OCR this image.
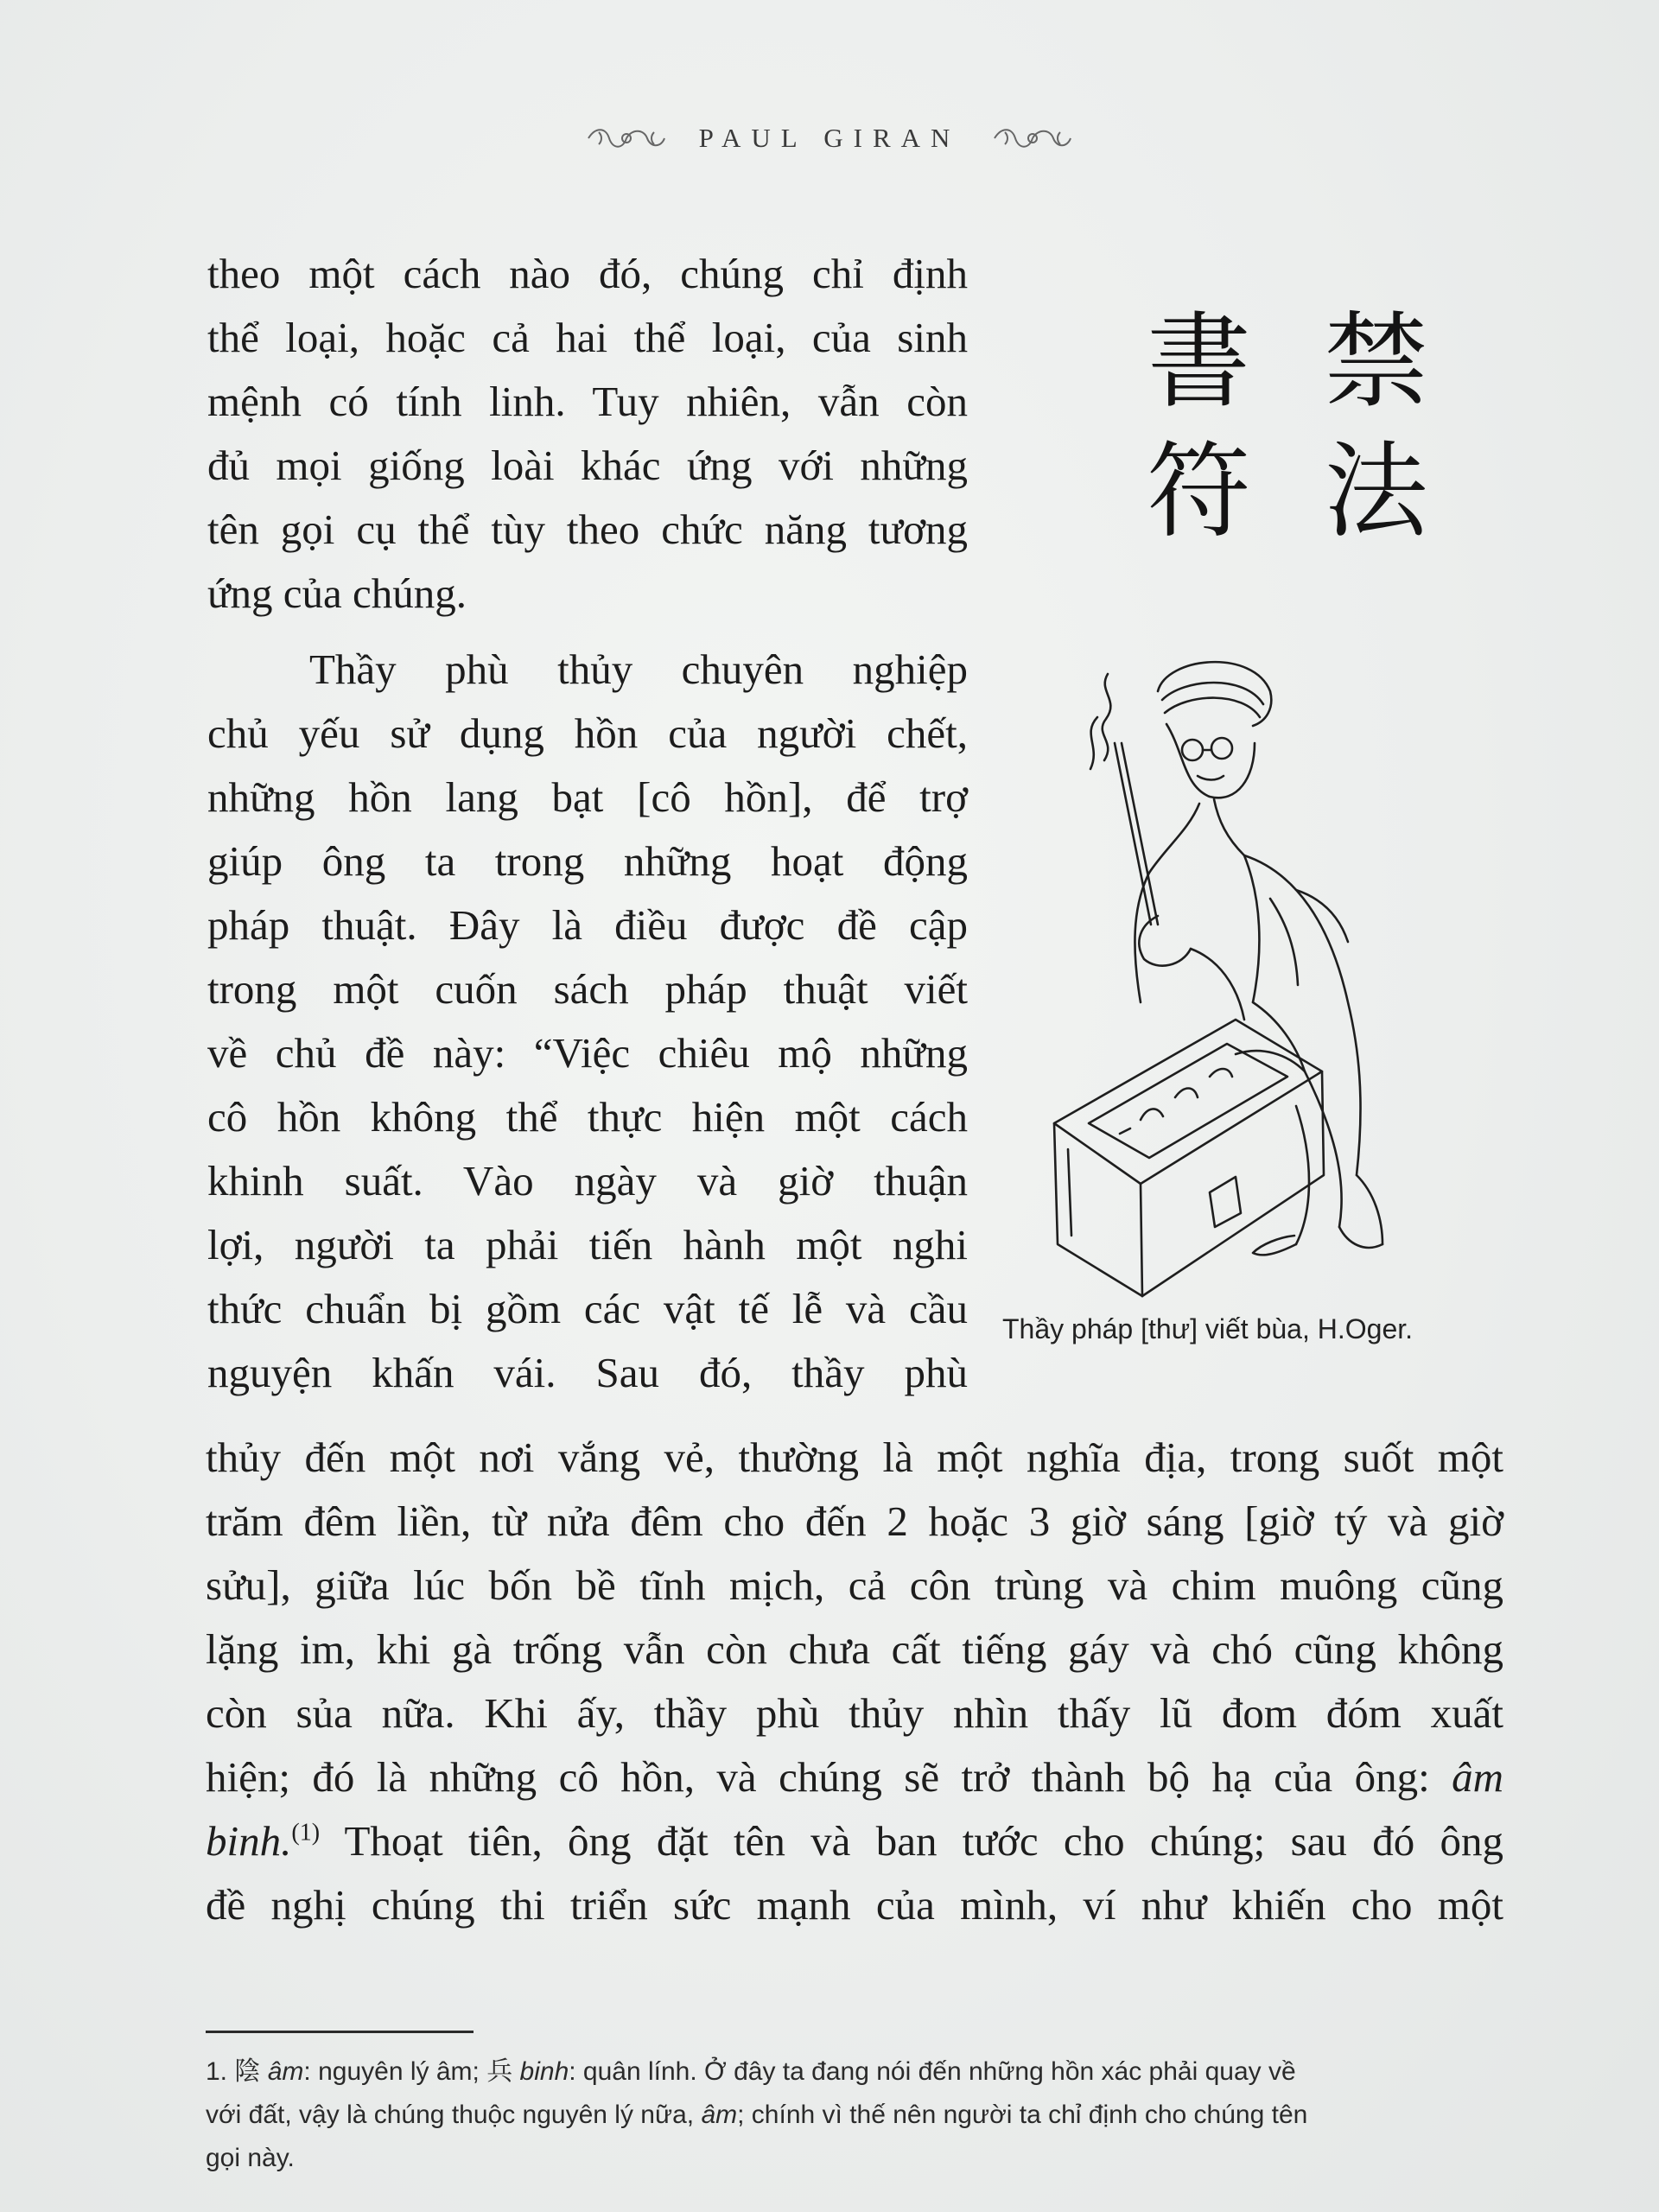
PAUL GIRAN
theo một cách nào đó, chúng chỉ định
thể loại, hoặc cả hai thể loại, của sinh
mệnh có tính linh. Tuy nhiên, vẫn còn
đủ mọi giống loài khác ứng với những
tên gọi cụ thể tùy theo chức năng tương
ứng của chúng.
Thầy phù thủy chuyên nghiệp
chủ yếu sử dụng hồn của người chết,
những hồn lang bạt [cô hồn], để trợ
giúp ông ta trong những hoạt động
pháp thuật. Đây là điều được đề cập
trong một cuốn sách pháp thuật viết
về chủ đề này: “Việc chiêu mộ những
cô hồn không thể thực hiện một cách
khinh suất. Vào ngày và giờ thuận
lợi, người ta phải tiến hành một nghi
thức chuẩn bị gồm các vật tế lễ và cầu
nguyện khấn vái. Sau đó, thầy phù
thủy đến một nơi vắng vẻ, thường là một nghĩa địa, trong suốt một
trăm đêm liền, từ nửa đêm cho đến 2 hoặc 3 giờ sáng [giờ tý và giờ
sửu], giữa lúc bốn bề tĩnh mịch, cả côn trùng và chim muông cũng
lặng im, khi gà trống vẫn còn chưa cất tiếng gáy và chó cũng không
còn sủa nữa. Khi ấy, thầy phù thủy nhìn thấy lũ đom đóm xuất
hiện; đó là những cô hồn, và chúng sẽ trở thành bộ hạ của ông: âm
binh.$^{(1)}$ Thoạt tiên, ông đặt tên và ban tước cho chúng; sau đó ông
đề nghị chúng thi triển sức mạnh của mình, ví như khiến cho một
書 禁
符 法
Thầy pháp [thư] viết bùa, H.Oger.
1. 陰 âm: nguyên lý âm; 兵 binh: quân lính. Ở đây ta đang nói đến những hồn xác phải quay về
với đất, vậy là chúng thuộc nguyên lý nữa, âm; chính vì thế nên người ta chỉ định cho chúng tên
gọi này.
